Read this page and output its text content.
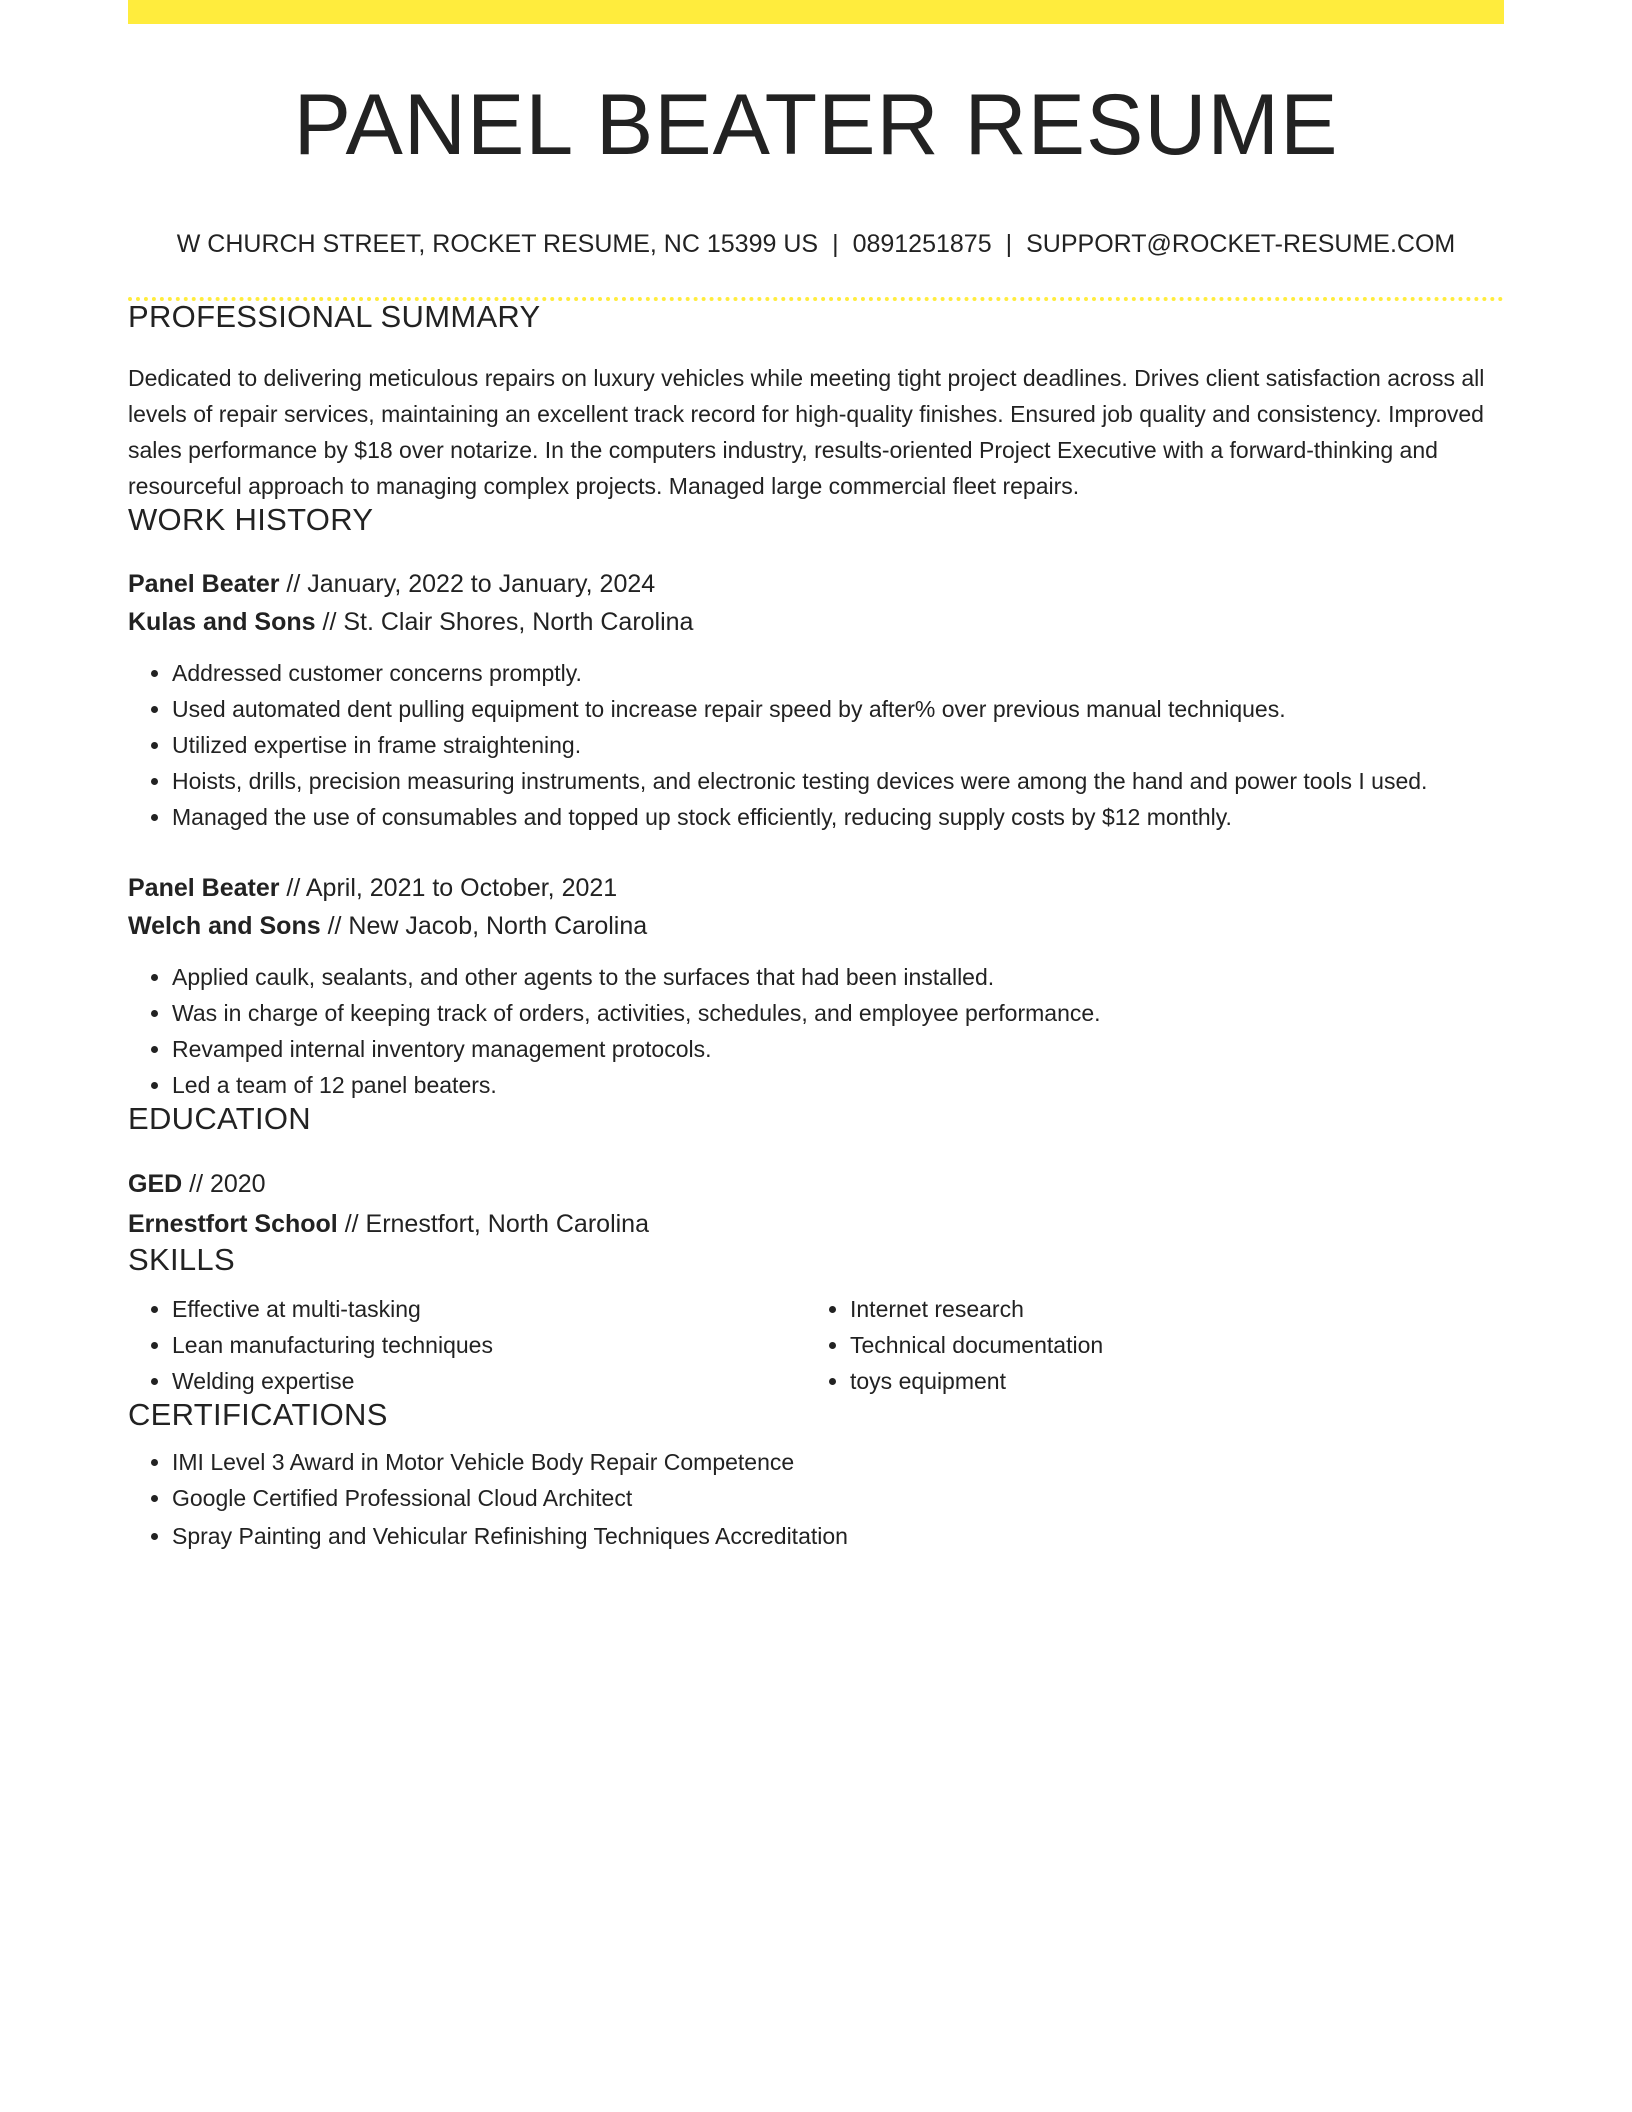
PANEL BEATER RESUME
W CHURCH STREET, ROCKET RESUME, NC 15399 US | 0891251875 | SUPPORT@ROCKET-RESUME.COM
PROFESSIONAL SUMMARY

Dedicated to delivering meticulous repairs on luxury vehicles while meeting tight project deadlines. Drives client satisfaction across all levels of repair services, maintaining an excellent track record for high-quality finishes. Ensured job quality and consistency. Improved sales performance by $18 over notarize. In the computers industry, results-oriented Project Executive with a forward-thinking and resourceful approach to managing complex projects. Managed large commercial fleet repairs.

WORK HISTORY
Panel Beater // January, 2022 to January, 2024
Kulas and Sons // St. Clair Shores, North Carolina
• Addressed customer concerns promptly.
• Used automated dent pulling equipment to increase repair speed by after% over previous manual techniques.
• Utilized expertise in frame straightening.
• Hoists, drills, precision measuring instruments, and electronic testing devices were among the hand and power tools I used.
• Managed the use of consumables and topped up stock efficiently, reducing supply costs by $12 monthly.
Panel Beater // April, 2021 to October, 2021
Welch and Sons // New Jacob, North Carolina
• Applied caulk, sealants, and other agents to the surfaces that had been installed.
• Was in charge of keeping track of orders, activities, schedules, and employee performance.
• Revamped internal inventory management protocols.
• Led a team of 12 panel beaters.
EDUCATION
GED // 2020
Ernestfort School // Ernestfort, North Carolina
SKILLS
• Effective at multi-tasking
• Lean manufacturing techniques
• Welding expertise
• Internet research
• Technical documentation
• toys equipment
CERTIFICATIONS
• IMI Level 3 Award in Motor Vehicle Body Repair Competence
• Google Certified Professional Cloud Architect
• Spray Painting and Vehicular Refinishing Techniques Accreditation
